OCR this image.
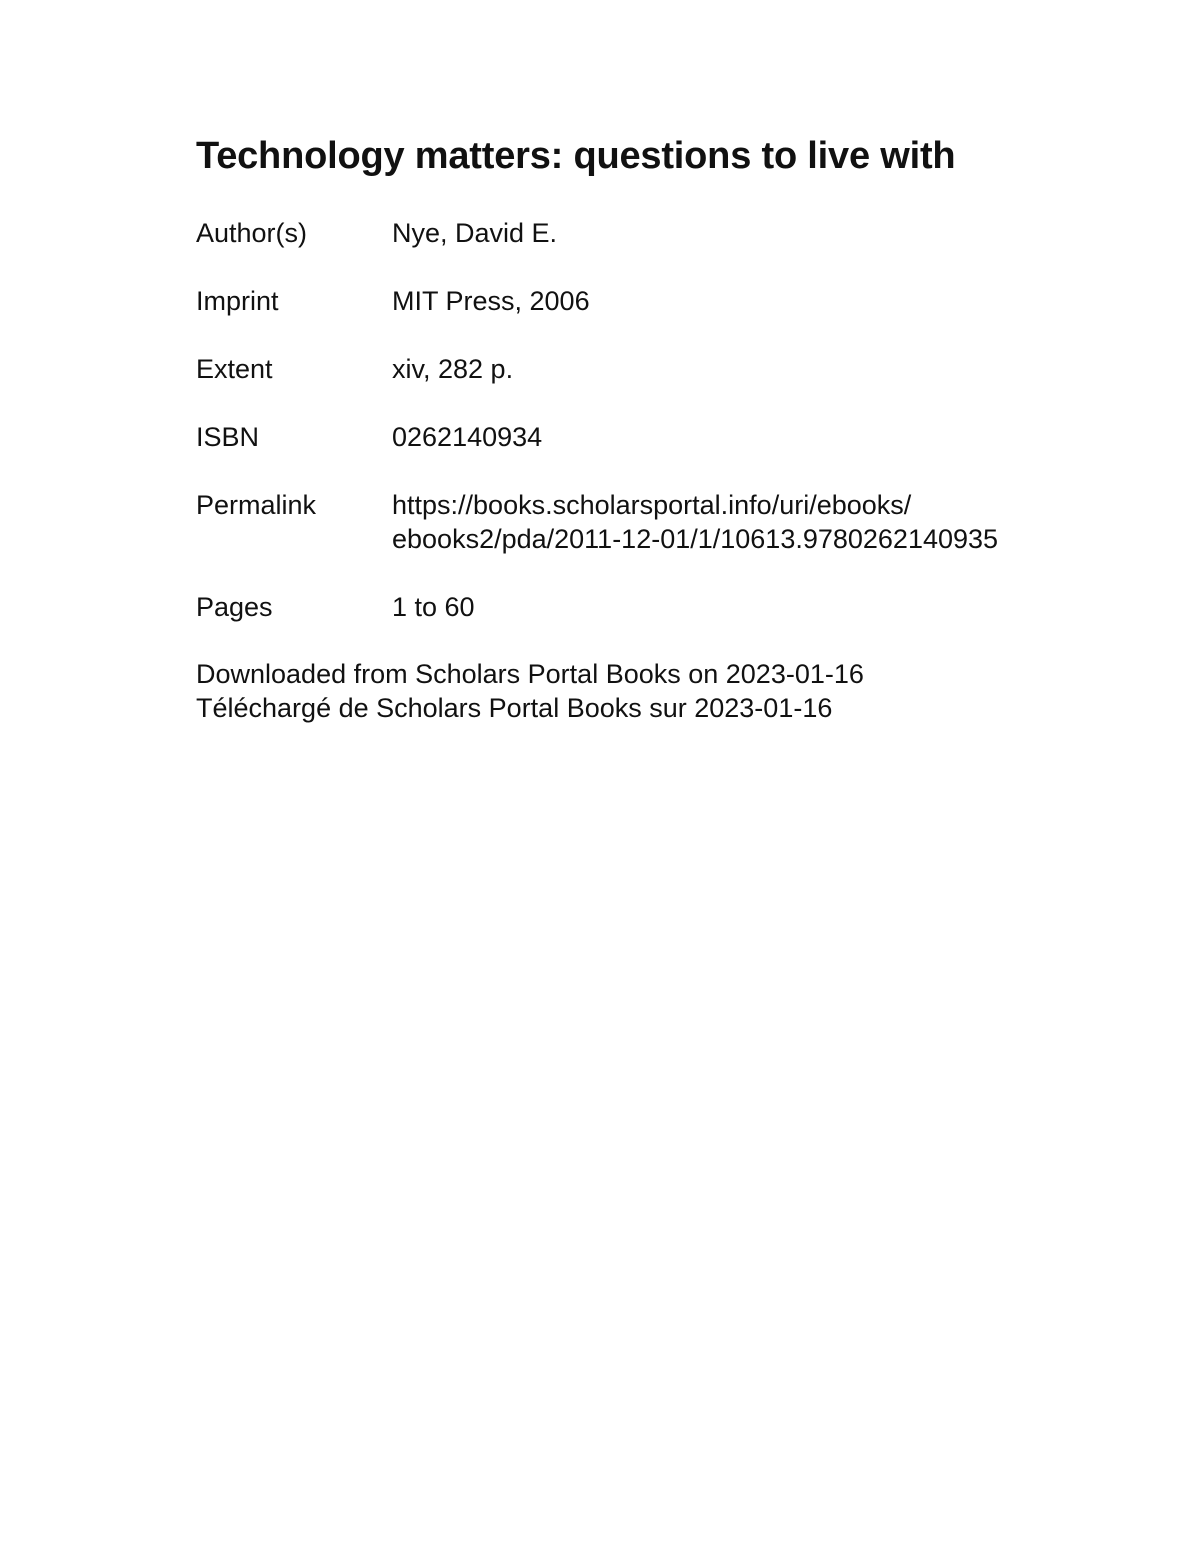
Technology matters: questions to live with
Author(s)	Nye, David E.
Imprint	MIT Press, 2006
Extent	xiv, 282 p.
ISBN	0262140934
Permalink	https://books.scholarsportal.info/uri/ebooks/
ebooks2/pda/2011-12-01/1/10613.9780262140935
Pages	1 to 60
Downloaded from Scholars Portal Books on 2023-01-16
Téléchargé de Scholars Portal Books sur 2023-01-16
